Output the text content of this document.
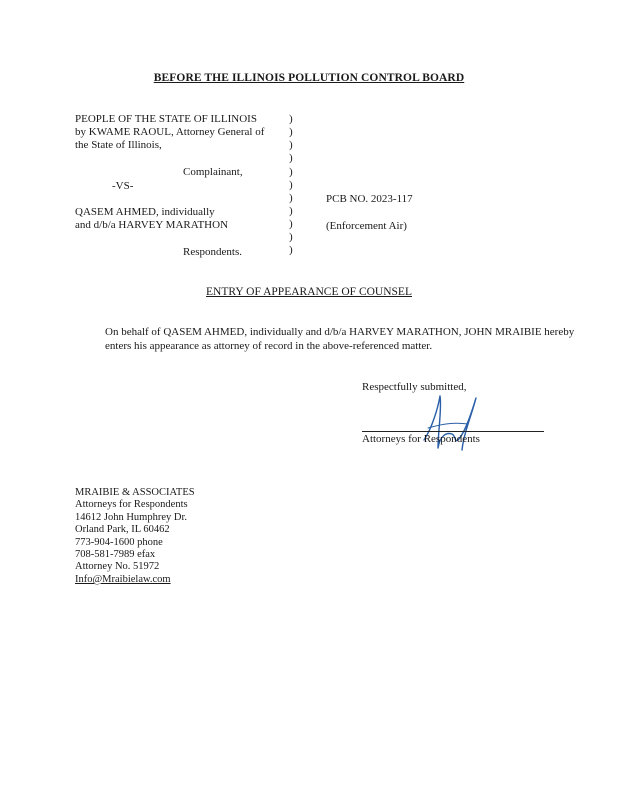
BEFORE THE ILLINOIS POLLUTION CONTROL BOARD
PEOPLE OF THE STATE OF ILLINOIS
by KWAME RAOUL, Attorney General of
the State of Illinois,
Complainant,
-VS-
QASEM AHMED, individually
and d/b/a HARVEY MARATHON
Respondents.
)
)
)
)
)
)
)
)
)
)
)
PCB NO. 2023-117
(Enforcement Air)
ENTRY OF APPEARANCE OF COUNSEL
On behalf of QASEM AHMED, individually and d/b/a HARVEY MARATHON, JOHN MRAIBIE hereby enters his appearance as attorney of record in the above-referenced matter.
Respectfully submitted,
Attorneys for Respondents
MRAIBIE & ASSOCIATES
Attorneys for Respondents
14612 John Humphrey Dr.
Orland Park, IL 60462
773-904-1600 phone
708-581-7989 efax
Attorney No. 51972
Info@Mraibielaw.com
